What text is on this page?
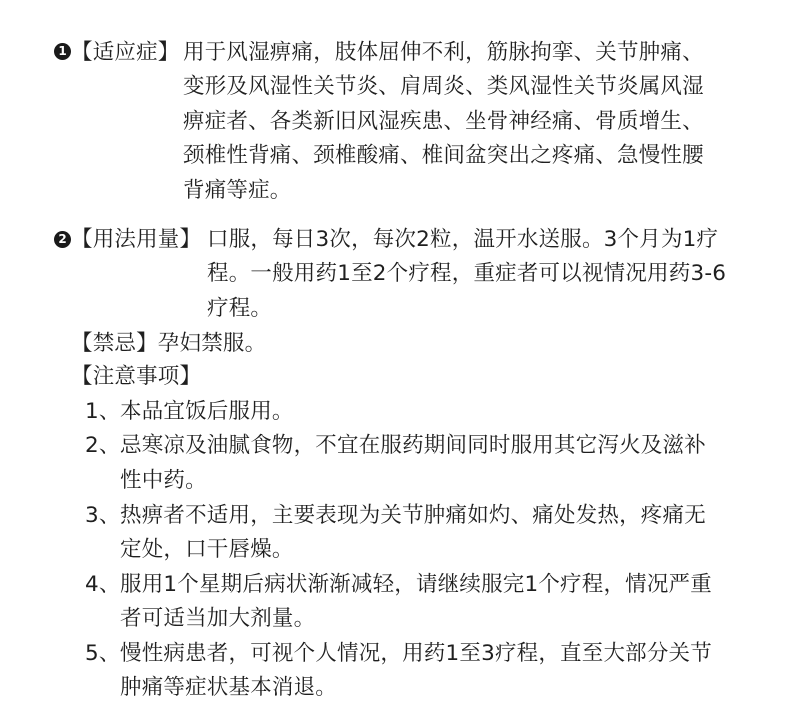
1 【适应症】 用于风湿痹痛，肢体屈伸不利，筋脉拘挛、关节肿痛、
变形及风湿性关节炎、肩周炎、类风湿性关节炎属风湿
痹症者、各类新旧风湿疾患、坐骨神经痛、骨质增生、
颈椎性背痛、颈椎酸痛、椎间盆突出之疼痛、急慢性腰
背痛等症。
2 【用法用量】 口服，每日3次，每次2粒，温开水送服。3个月为1疗
程。一般用药1至2个疗程，重症者可以视情况用药3-6
疗程。
【禁忌】孕妇禁服。
【注意事项】
1、 本品宜饭后服用。
2、 忌寒凉及油腻食物，不宜在服药期间同时服用其它泻火及滋补
性中药。
3、 热痹者不适用，主要表现为关节肿痛如灼、痛处发热，疼痛无
定处，口干唇燥。
4、 服用1个星期后病状渐渐减轻，请继续服完1个疗程，情况严重
者可适当加大剂量。
5、 慢性病患者，可视个人情况，用药1至3疗程，直至大部分关节
肿痛等症状基本消退。
